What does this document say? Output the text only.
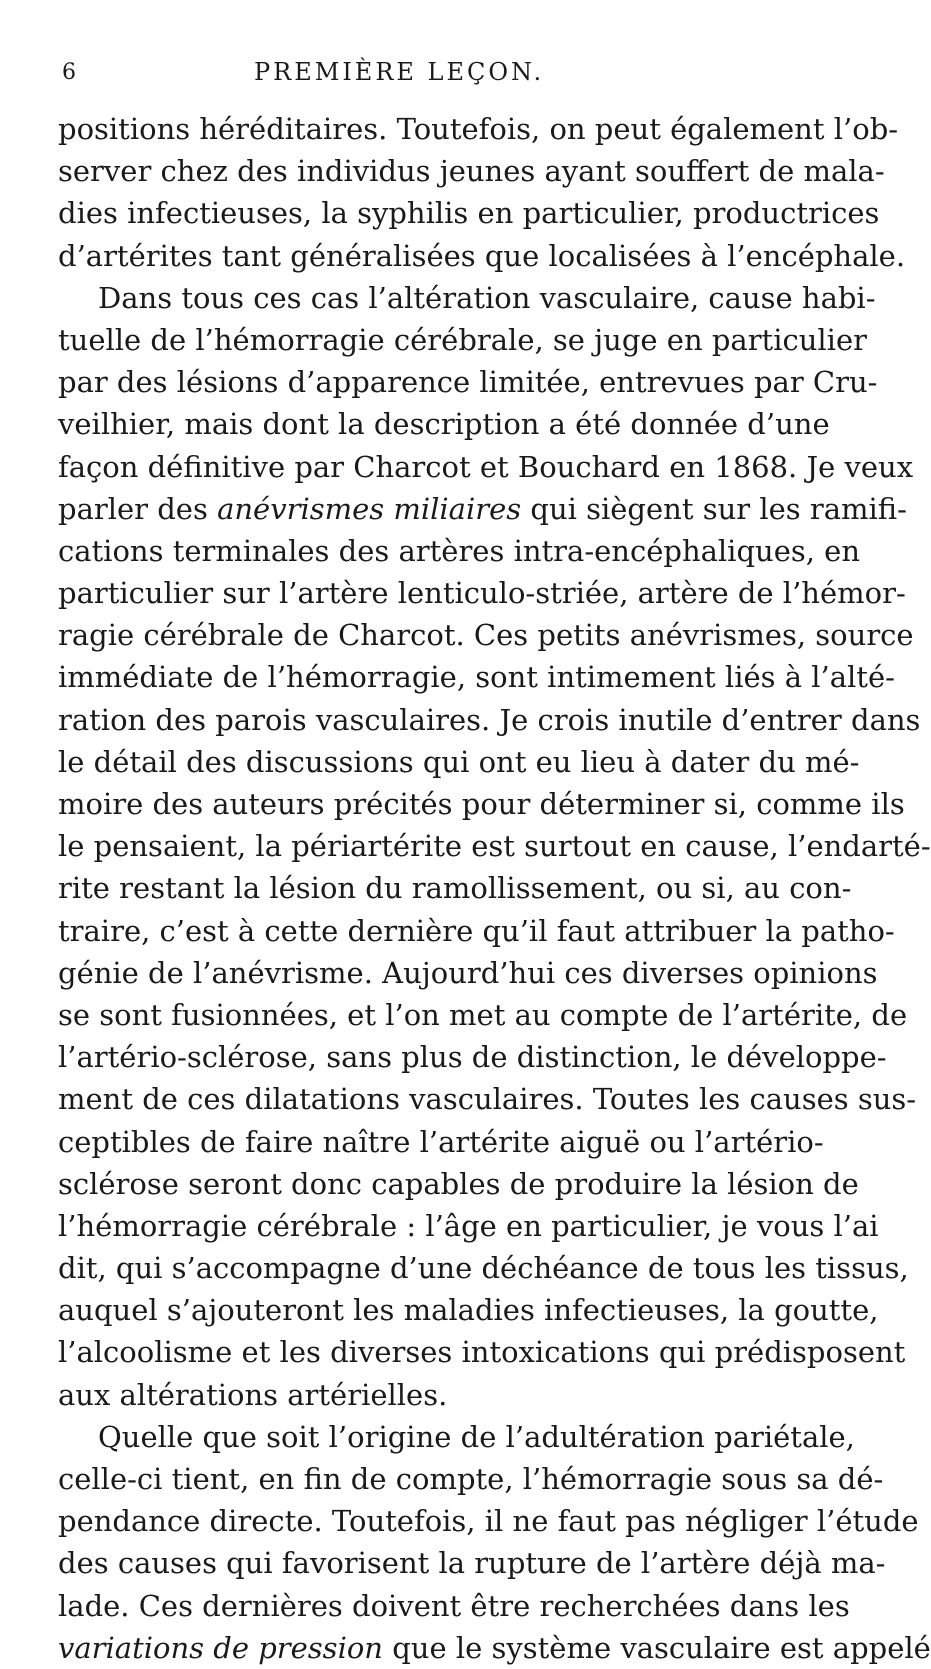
6	PREMIÈRE LEÇON.
positions héréditaires. Toutefois, on peut également l’ob-
server chez des individus jeunes ayant souffert de mala-
dies infectieuses, la syphilis en particulier, productrices
d’artérites tant généralisées que localisées à l’encéphale.
Dans tous ces cas l’altération vasculaire, cause habi-
tuelle de l’hémorragie cérébrale, se juge en particulier
par des lésions d’apparence limitée, entrevues par Cru-
veilhier, mais dont la description a été donnée d’une
façon définitive par Charcot et Bouchard en 1868. Je veux
parler des anévrismes miliaires qui siègent sur les ramifi-
cations terminales des artères intra-encéphaliques, en
particulier sur l’artère lenticulo-striée, artère de l’hémor-
ragie cérébrale de Charcot. Ces petits anévrismes, source
immédiate de l’hémorragie, sont intimement liés à l’alté-
ration des parois vasculaires. Je crois inutile d’entrer dans
le détail des discussions qui ont eu lieu à dater du mé-
moire des auteurs précités pour déterminer si, comme ils
le pensaient, la périartérite est surtout en cause, l’endarté-
rite restant la lésion du ramollissement, ou si, au con-
traire, c’est à cette dernière qu’il faut attribuer la patho-
génie de l’anévrisme. Aujourd’hui ces diverses opinions
se sont fusionnées, et l’on met au compte de l’artérite, de
l’artério-sclérose, sans plus de distinction, le développe-
ment de ces dilatations vasculaires. Toutes les causes sus-
ceptibles de faire naître l’artérite aiguë ou l’artério-
sclérose seront donc capables de produire la lésion de
l’hémorragie cérébrale : l’âge en particulier, je vous l’ai
dit, qui s’accompagne d’une déchéance de tous les tissus,
auquel s’ajouteront les maladies infectieuses, la goutte,
l’alcoolisme et les diverses intoxications qui prédisposent
aux altérations artérielles.
Quelle que soit l’origine de l’adultération pariétale,
celle-ci tient, en fin de compte, l’hémorragie sous sa dé-
pendance directe. Toutefois, il ne faut pas négliger l’étude
des causes qui favorisent la rupture de l’artère déjà ma-
lade. Ces dernières doivent être recherchées dans les
variations de pression que le système vasculaire est appelé
